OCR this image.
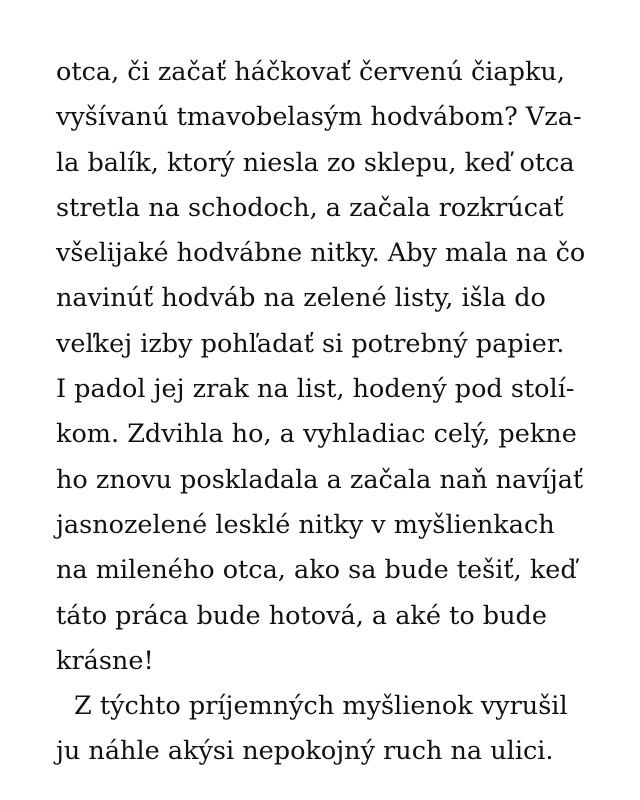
otca, či začať háčkovať červenú čiapku,
vyšívanú tmavobelasým hodvábom? Vza-
la balík, ktorý niesla zo sklepu, keď otca
stretla na schodoch, a začala rozkrúcať
všelijaké hodvábne nitky. Aby mala na čo
navinúť hodváb na zelené listy, išla do
veľkej izby pohľadať si potrebný papier.
I padol jej zrak na list, hodený pod stolí-
kom. Zdvihla ho, a vyhladiac celý, pekne
ho znovu poskladala a začala naň navíjať
jasnozelené lesklé nitky v myšlienkach
na mileného otca, ako sa bude tešiť, keď
táto práca bude hotová, a aké to bude
krásne!
Z týchto príjemných myšlienok vyrušil
ju náhle akýsi nepokojný ruch na ulici.
